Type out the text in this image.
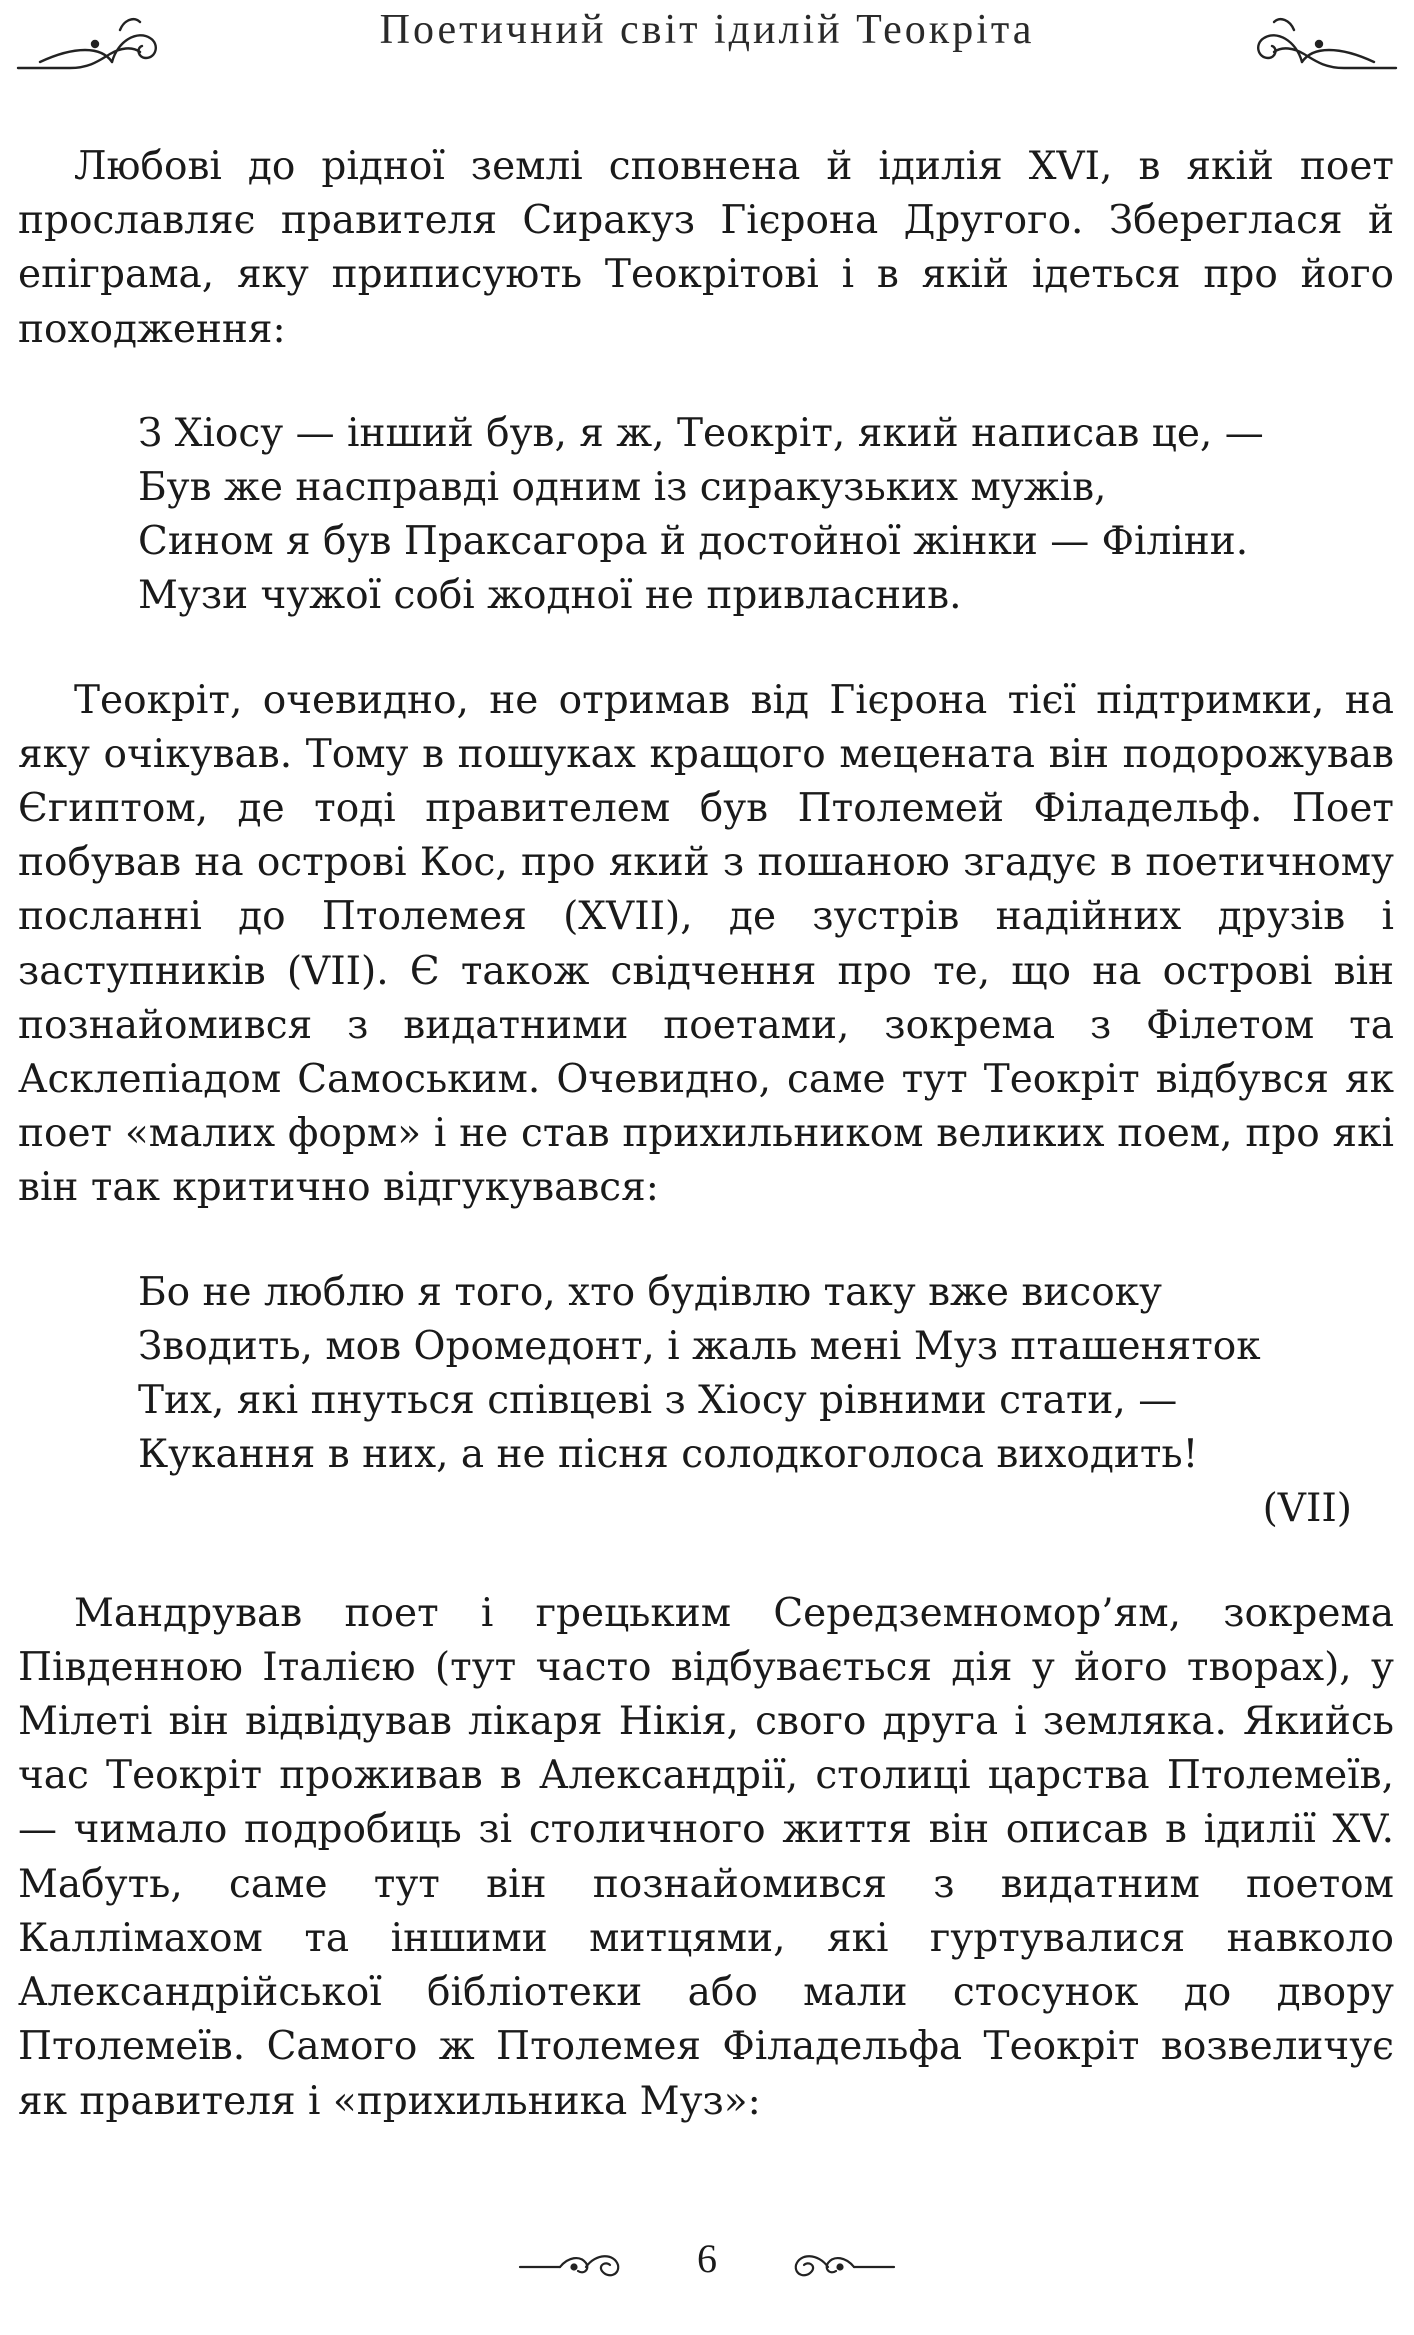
Поетичний світ ідилій Теокріта

Любові до рідної землі сповнена й ідилія XVI, в якій поет прославляє правителя Сиракуз Гієрона Другого. Збереглася й епіграма, яку приписують Теокрітові і в якій ідеться про його походження:

З Хіосу — інший був, я ж, Теокріт, який написав це, —
Був же насправді одним із сиракузьких мужів,
Сином я був Праксагора й достойної жінки — Філіни.
Музи чужої собі жодної не привласнив.

Теокріт, очевидно, не отримав від Гієрона тієї підтримки, на яку очікував. Тому в пошуках кращого мецената він подорожував Єгиптом, де тоді правителем був Птолемей Філадельф. Поет побував на острові Кос, про який з пошаною згадує в поетичному посланні до Птолемея (XVII), де зустрів надійних друзів і заступників (VII). Є також свідчення про те, що на острові він познайомився з видатними поетами, зокрема з Філетом та Асклепіадом Самоським. Очевидно, саме тут Теокріт відбувся як поет «малих форм» і не став прихильником великих поем, про які він так критично відгукувався:

Бо не люблю я того, хто будівлю таку вже високу
Зводить, мов Оромедонт, і жаль мені Муз пташеняток
Тих, які пнуться співцеві з Хіосу рівними стати, —
Кукання в них, а не пісня солодкоголоса виходить!
(VII)

Мандрував поет і грецьким Середземномор’ям, зокрема Південною Італією (тут часто відбувається дія у його творах), у Мілеті він відвідував лікаря Нікія, свого друга і земляка. Якийсь час Теокріт проживав в Александрії, столиці царства Птолемеїв, — чимало подробиць зі столичного життя він описав в ідилії XV. Мабуть, саме тут він познайомився з видатним поетом Каллімахом та іншими митцями, які гуртувалися навколо Александрійської бібліотеки або мали стосунок до двору Птолемеїв. Самого ж Птолемея Філадельфа Теокріт возвеличує як правителя і «прихильника Муз»:

6
